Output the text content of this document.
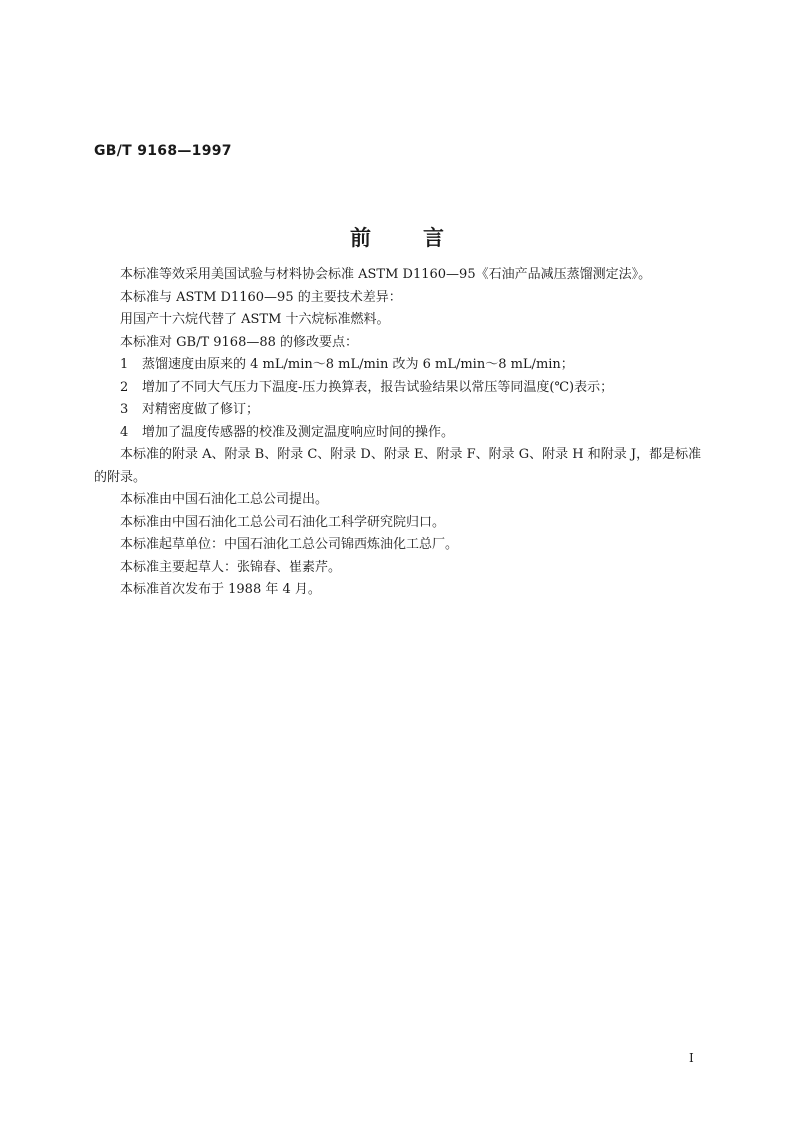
GB/T 9168—1997
前言

本标准等效采用美国试验与材料协会标准 ASTM D1160—95《石油产品减压蒸馏测定法》。

本标准与 ASTM D1160—95 的主要技术差异：

用国产十六烷代替了 ASTM 十六烷标准燃料。

本标准对 GB/T 9168—88 的修改要点：

1 蒸馏速度由原来的 4 mL/min～8 mL/min 改为 6 mL/min～8 mL/min；

2 增加了不同大气压力下温度-压力换算表，报告试验结果以常压等同温度(℃)表示；

3 对精密度做了修订；

4 增加了温度传感器的校准及测定温度响应时间的操作。

本标准的附录 A、附录 B、附录 C、附录 D、附录 E、附录 F、附录 G、附录 H 和附录 J，都是标准的附录。

本标准由中国石油化工总公司提出。

本标准由中国石油化工总公司石油化工科学研究院归口。

本标准起草单位：中国石油化工总公司锦西炼油化工总厂。

本标准主要起草人：张锦春、崔素芹。

本标准首次发布于 1988 年 4 月。

I
